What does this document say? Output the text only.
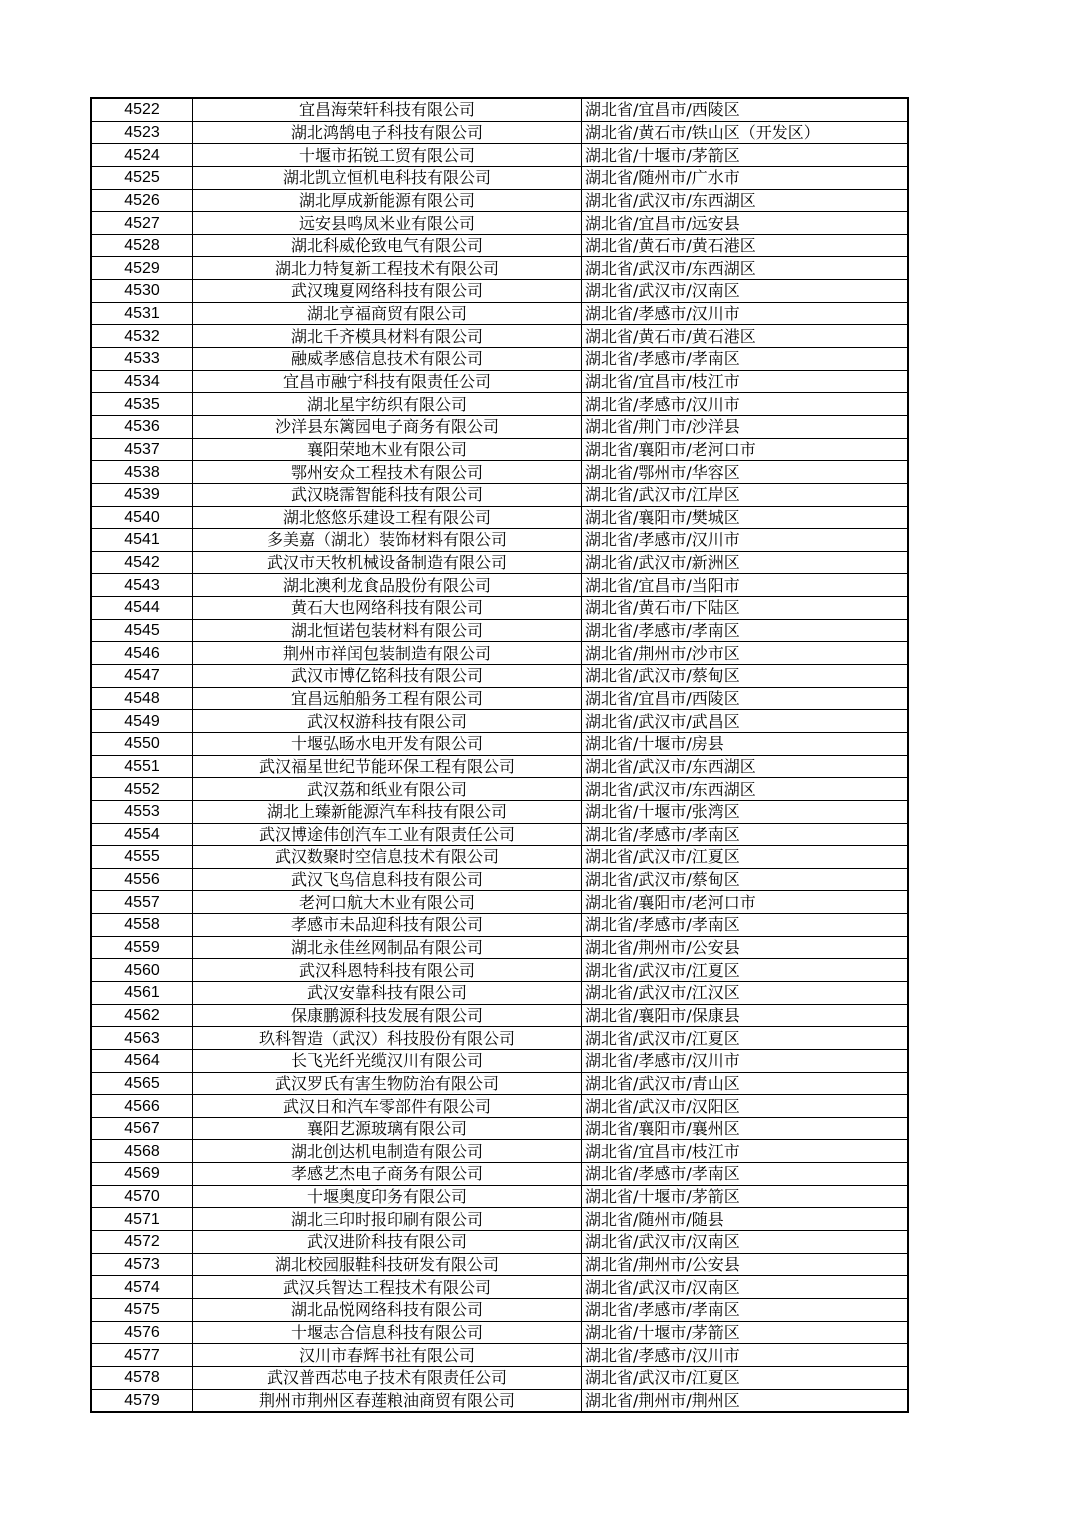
4522	宜昌海荣轩科技有限公司	湖北省/宜昌市/西陵区
4523	湖北鸿鹄电子科技有限公司	湖北省/黄石市/铁山区（开发区）
4524	十堰市拓锐工贸有限公司	湖北省/十堰市/茅箭区
4525	湖北凯立恒机电科技有限公司	湖北省/随州市/广水市
4526	湖北厚成新能源有限公司	湖北省/武汉市/东西湖区
4527	远安县鸣凤米业有限公司	湖北省/宜昌市/远安县
4528	湖北科威伦致电气有限公司	湖北省/黄石市/黄石港区
4529	湖北力特复新工程技术有限公司	湖北省/武汉市/东西湖区
4530	武汉瑰夏网络科技有限公司	湖北省/武汉市/汉南区
4531	湖北亨福商贸有限公司	湖北省/孝感市/汉川市
4532	湖北千齐模具材料有限公司	湖北省/黄石市/黄石港区
4533	融威孝感信息技术有限公司	湖北省/孝感市/孝南区
4534	宜昌市融宁科技有限责任公司	湖北省/宜昌市/枝江市
4535	湖北星宇纺织有限公司	湖北省/孝感市/汉川市
4536	沙洋县东篱园电子商务有限公司	湖北省/荆门市/沙洋县
4537	襄阳荣地木业有限公司	湖北省/襄阳市/老河口市
4538	鄂州安众工程技术有限公司	湖北省/鄂州市/华容区
4539	武汉晓霈智能科技有限公司	湖北省/武汉市/江岸区
4540	湖北悠悠乐建设工程有限公司	湖北省/襄阳市/樊城区
4541	多美嘉（湖北）装饰材料有限公司	湖北省/孝感市/汉川市
4542	武汉市天牧机械设备制造有限公司	湖北省/武汉市/新洲区
4543	湖北澳利龙食品股份有限公司	湖北省/宜昌市/当阳市
4544	黄石大也网络科技有限公司	湖北省/黄石市/下陆区
4545	湖北恒诺包装材料有限公司	湖北省/孝感市/孝南区
4546	荆州市祥闰包装制造有限公司	湖北省/荆州市/沙市区
4547	武汉市博亿铭科技有限公司	湖北省/武汉市/蔡甸区
4548	宜昌远舶船务工程有限公司	湖北省/宜昌市/西陵区
4549	武汉权游科技有限公司	湖北省/武汉市/武昌区
4550	十堰弘旸水电开发有限公司	湖北省/十堰市/房县
4551	武汉福星世纪节能环保工程有限公司	湖北省/武汉市/东西湖区
4552	武汉荔和纸业有限公司	湖北省/武汉市/东西湖区
4553	湖北上臻新能源汽车科技有限公司	湖北省/十堰市/张湾区
4554	武汉博途伟创汽车工业有限责任公司	湖北省/孝感市/孝南区
4555	武汉数聚时空信息技术有限公司	湖北省/武汉市/江夏区
4556	武汉飞鸟信息科技有限公司	湖北省/武汉市/蔡甸区
4557	老河口航大木业有限公司	湖北省/襄阳市/老河口市
4558	孝感市未品迎科技有限公司	湖北省/孝感市/孝南区
4559	湖北永佳丝网制品有限公司	湖北省/荆州市/公安县
4560	武汉科恩特科技有限公司	湖北省/武汉市/江夏区
4561	武汉安靠科技有限公司	湖北省/武汉市/江汉区
4562	保康鹏源科技发展有限公司	湖北省/襄阳市/保康县
4563	玖科智造（武汉）科技股份有限公司	湖北省/武汉市/江夏区
4564	长飞光纤光缆汉川有限公司	湖北省/孝感市/汉川市
4565	武汉罗氏有害生物防治有限公司	湖北省/武汉市/青山区
4566	武汉日和汽车零部件有限公司	湖北省/武汉市/汉阳区
4567	襄阳艺源玻璃有限公司	湖北省/襄阳市/襄州区
4568	湖北创达机电制造有限公司	湖北省/宜昌市/枝江市
4569	孝感艺杰电子商务有限公司	湖北省/孝感市/孝南区
4570	十堰奥度印务有限公司	湖北省/十堰市/茅箭区
4571	湖北三印时报印刷有限公司	湖北省/随州市/随县
4572	武汉进阶科技有限公司	湖北省/武汉市/汉南区
4573	湖北校园服鞋科技研发有限公司	湖北省/荆州市/公安县
4574	武汉兵智达工程技术有限公司	湖北省/武汉市/汉南区
4575	湖北品悦网络科技有限公司	湖北省/孝感市/孝南区
4576	十堰志合信息科技有限公司	湖北省/十堰市/茅箭区
4577	汉川市春辉书社有限公司	湖北省/孝感市/汉川市
4578	武汉普西芯电子技术有限责任公司	湖北省/武汉市/江夏区
4579	荆州市荆州区春莲粮油商贸有限公司	湖北省/荆州市/荆州区
